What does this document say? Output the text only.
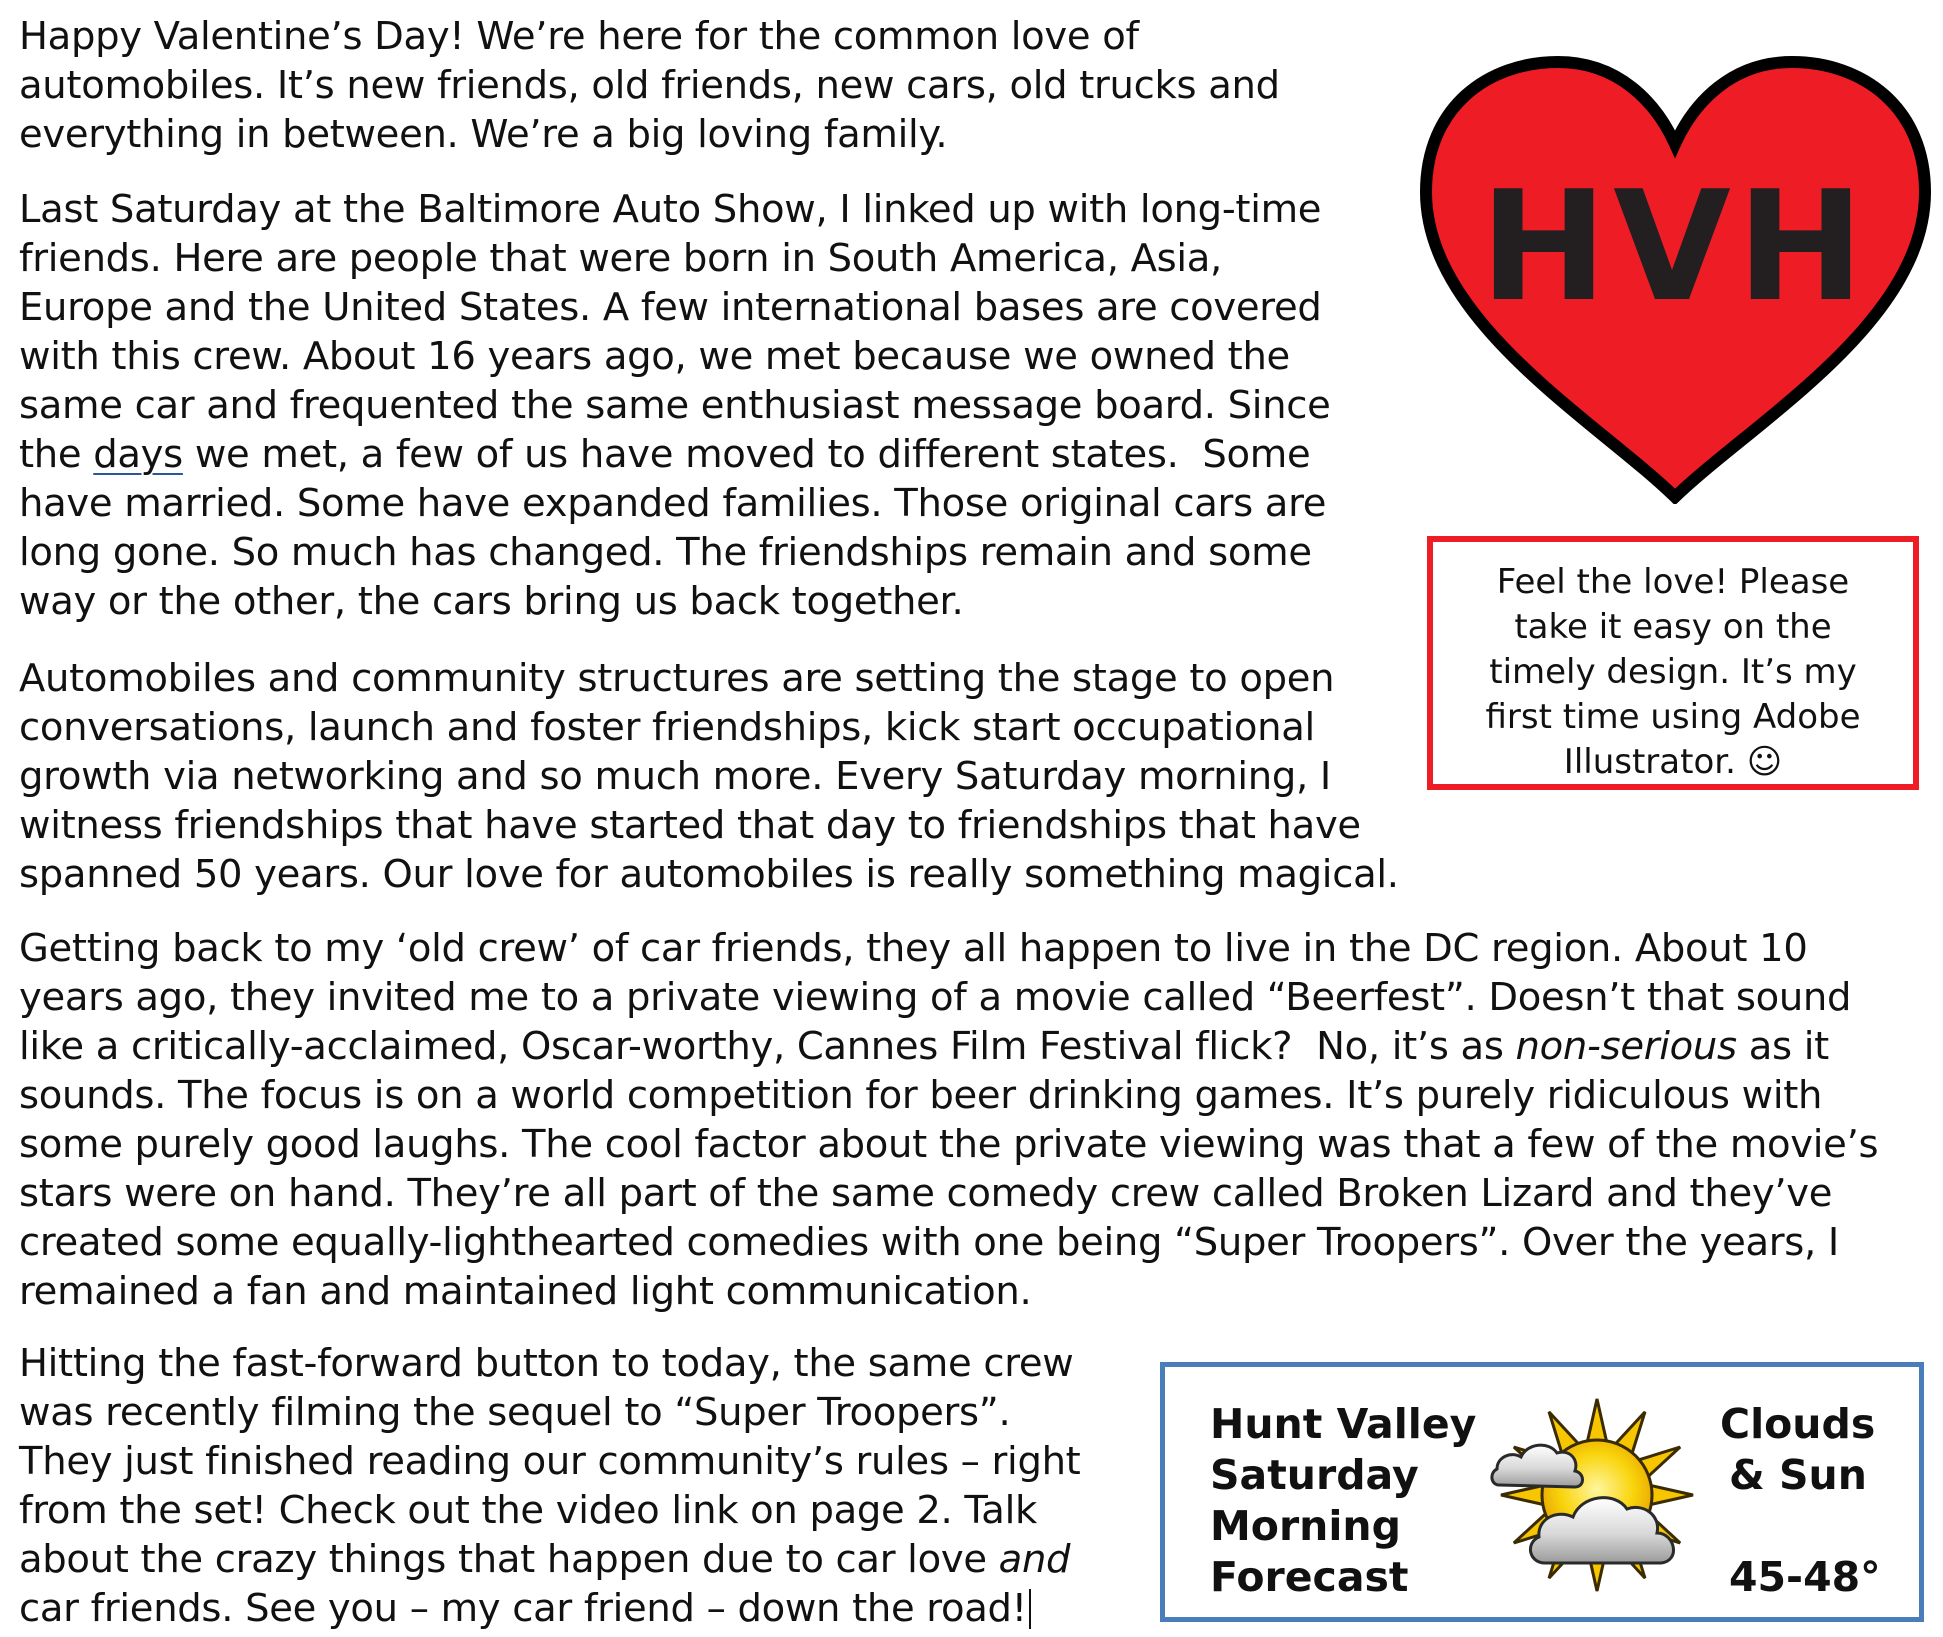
Happy Valentine’s Day! We’re here for the common love of
automobiles. It’s new friends, old friends, new cars, old trucks and
everything in between. We’re a big loving family.

Last Saturday at the Baltimore Auto Show, I linked up with long-time
friends. Here are people that were born in South America, Asia,
Europe and the United States. A few international bases are covered
with this crew. About 16 years ago, we met because we owned the
same car and frequented the same enthusiast message board. Since
the days we met, a few of us have moved to different states.  Some
have married. Some have expanded families. Those original cars are
long gone. So much has changed. The friendships remain and some
way or the other, the cars bring us back together.

Automobiles and community structures are setting the stage to open
conversations, launch and foster friendships, kick start occupational
growth via networking and so much more. Every Saturday morning, I
witness friendships that have started that day to friendships that have
spanned 50 years. Our love for automobiles is really something magical.

Getting back to my ‘old crew’ of car friends, they all happen to live in the DC region. About 10
years ago, they invited me to a private viewing of a movie called “Beerfest”. Doesn’t that sound
like a critically-acclaimed, Oscar-worthy, Cannes Film Festival flick?  No, it’s as non-serious as it
sounds. The focus is on a world competition for beer drinking games. It’s purely ridiculous with
some purely good laughs. The cool factor about the private viewing was that a few of the movie’s
stars were on hand. They’re all part of the same comedy crew called Broken Lizard and they’ve
created some equally-lighthearted comedies with one being “Super Troopers”. Over the years, I
remained a fan and maintained light communication.

Hitting the fast-forward button to today, the same crew
was recently filming the sequel to “Super Troopers”.
They just finished reading our community’s rules – right
from the set! Check out the video link on page 2. Talk
about the crazy things that happen due to car love and
car friends. See you – my car friend – down the road!

HVH
Feel the love! Please
take it easy on the
timely design. It’s my
first time using Adobe
Illustrator. ☺
Hunt Valley
Saturday
Morning
Forecast
Clouds
& Sun
45-48°
